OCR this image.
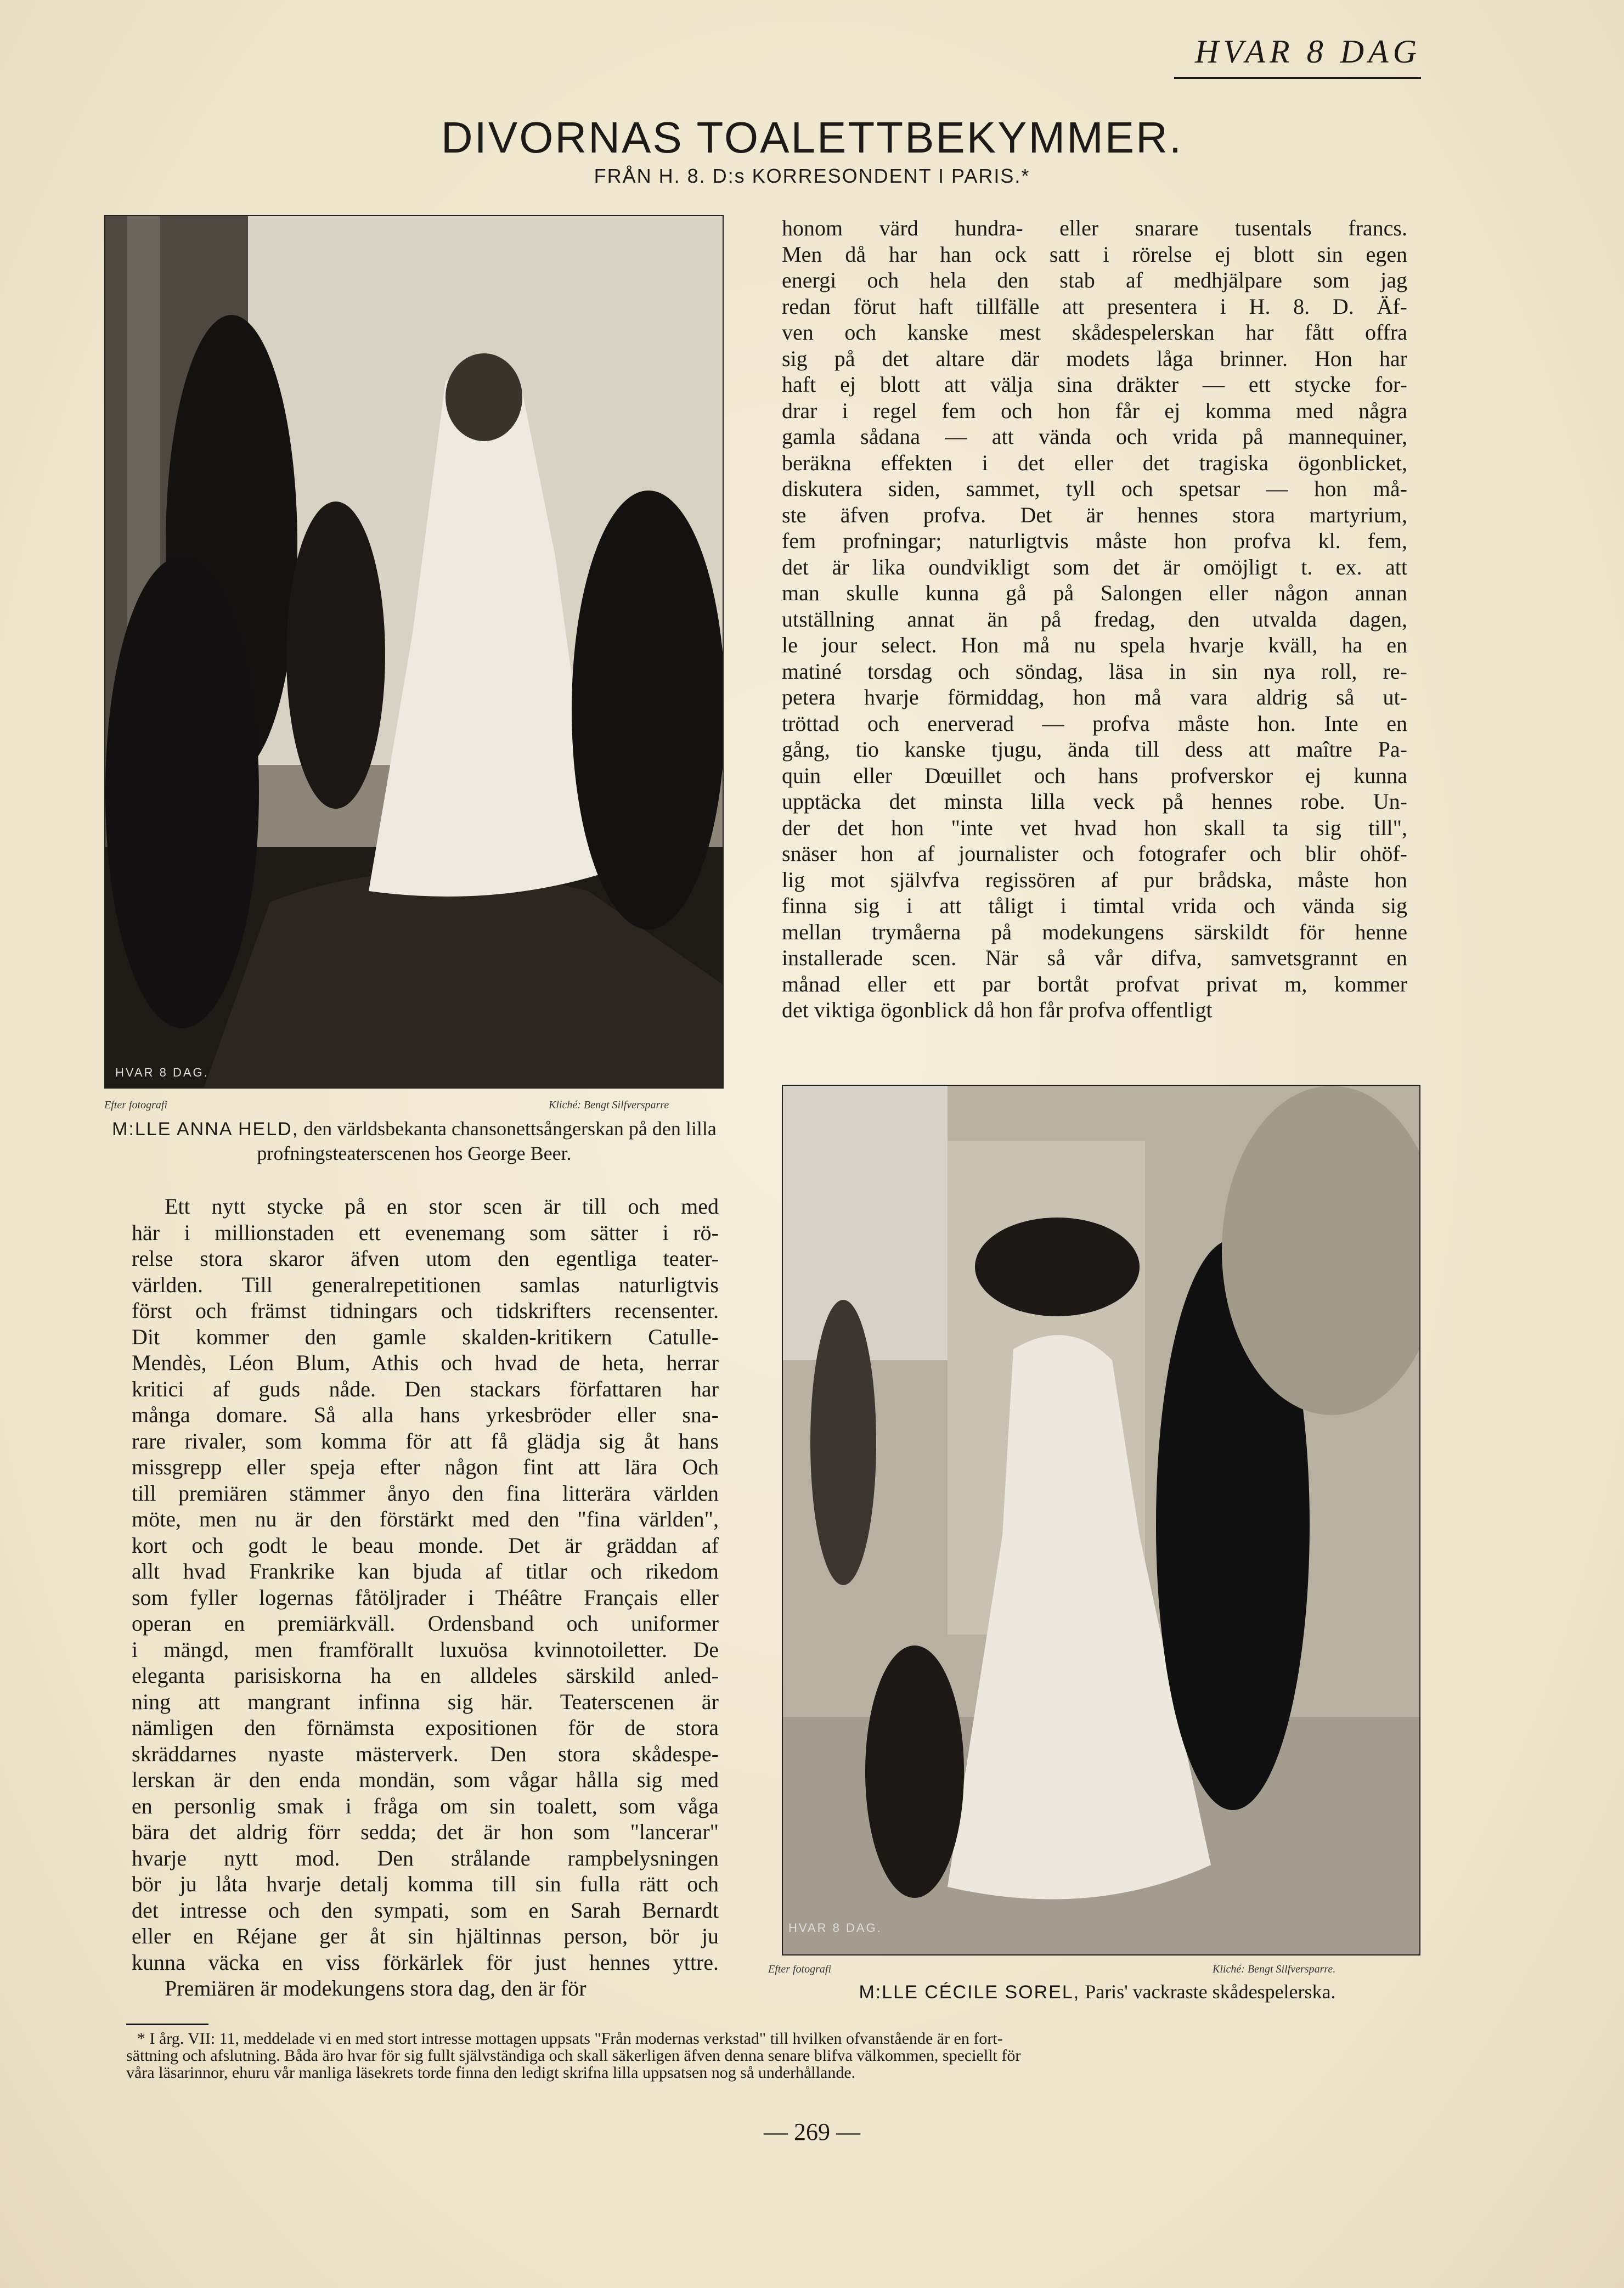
HVAR 8 DAG
DIVORNAS TOALETTBEKYMMER.
FRÅN H. 8. D:s KORRESONDENT I PARIS.*
HVAR 8 DAG.
Efter fotografi	Kliché: Bengt Silfversparre
M:LLE ANNA HELD, den världsbekanta chansonettsångerskan på den lilla profningsteaterscenen hos George Beer.
HVAR 8 DAG.
Efter fotografi	Kliché: Bengt Silfversparre.
M:LLE CÉCILE SOREL, Paris' vackraste skådespelerska.
honom värd hundra- eller snarare tusentals francs.
Men då har han ock satt i rörelse ej blott sin egen
energi och hela den stab af medhjälpare som jag
redan förut haft tillfälle att presentera i H. 8. D. Äf-
ven och kanske mest skådespelerskan har fått offra
sig på det altare där modets låga brinner. Hon har
haft ej blott att välja sina dräkter — ett stycke for-
drar i regel fem och hon får ej komma med några
gamla sådana — att vända och vrida på mannequiner,
beräkna effekten i det eller det tragiska ögonblicket,
diskutera siden, sammet, tyll och spetsar — hon må-
ste äfven profva. Det är hennes stora martyrium,
fem profningar; naturligtvis måste hon profva kl. fem,
det är lika oundvikligt som det är omöjligt t. ex. att
man skulle kunna gå på Salongen eller någon annan
utställning annat än på fredag, den utvalda dagen,
le jour select. Hon må nu spela hvarje kväll, ha en
matiné torsdag och söndag, läsa in sin nya roll, re-
petera hvarje förmiddag, hon må vara aldrig så ut-
tröttad och enerverad — profva måste hon. Inte en
gång, tio kanske tjugu, ända till dess att maître Pa-
quin eller Dœuillet och hans profverskor ej kunna
upptäcka det minsta lilla veck på hennes robe. Un-
der det hon "inte vet hvad hon skall ta sig till",
snäser hon af journalister och fotografer och blir ohöf-
lig mot självfva regissören af pur brådska, måste hon
finna sig i att tåligt i timtal vrida och vända sig
mellan trymåerna på modekungens särskildt för henne
installerade scen. När så vår difva, samvetsgrannt en
månad eller ett par bortåt profvat privat m, kommer
det viktiga ögonblick då hon får profva offentligt
Ett nytt stycke på en stor scen är till och med
här i millionstaden ett evenemang som sätter i rö-
relse stora skaror äfven utom den egentliga teater-
världen. Till generalrepetitionen samlas naturligtvis
först och främst tidningars och tidskrifters recensenter.
Dit kommer den gamle skalden-kritikern Catulle-
Mendès, Léon Blum, Athis och hvad de heta, herrar
kritici af guds nåde. Den stackars författaren har
många domare. Så alla hans yrkesbröder eller sna-
rare rivaler, som komma för att få glädja sig åt hans
missgrepp eller speja efter någon fint att lära Och
till premiären stämmer ånyo den fina litterära världen
möte, men nu är den förstärkt med den "fina världen",
kort och godt le beau monde. Det är gräddan af
allt hvad Frankrike kan bjuda af titlar och rikedom
som fyller logernas fåtöljrader i Théâtre Français eller
operan en premiärkväll. Ordensband och uniformer
i mängd, men framförallt luxuösa kvinnotoiletter. De
eleganta parisiskorna ha en alldeles särskild anled-
ning att mangrant infinna sig här. Teaterscenen är
nämligen den förnämsta expositionen för de stora
skräddarnes nyaste mästerverk. Den stora skådespe-
lerskan är den enda mondän, som vågar hålla sig med
en personlig smak i fråga om sin toalett, som våga
bära det aldrig förr sedda; det är hon som "lancerar"
hvarje nytt mod. Den strålande rampbelysningen
bör ju låta hvarje detalj komma till sin fulla rätt och
det intresse och den sympati, som en Sarah Bernardt
eller en Réjane ger åt sin hjältinnas person, bör ju
kunna väcka en viss förkärlek för just hennes yttre.
Premiären är modekungens stora dag, den är för
* I årg. VII: 11, meddelade vi en med stort intresse mottagen uppsats "Från modernas verkstad" till hvilken ofvanstående är en fort-
sättning och afslutning. Båda äro hvar för sig fullt självständiga och skall säkerligen äfven denna senare blifva välkommen, speciellt för
våra läsarinnor, ehuru vår manliga läsekrets torde finna den ledigt skrifna lilla uppsatsen nog så underhållande.
— 269 —
